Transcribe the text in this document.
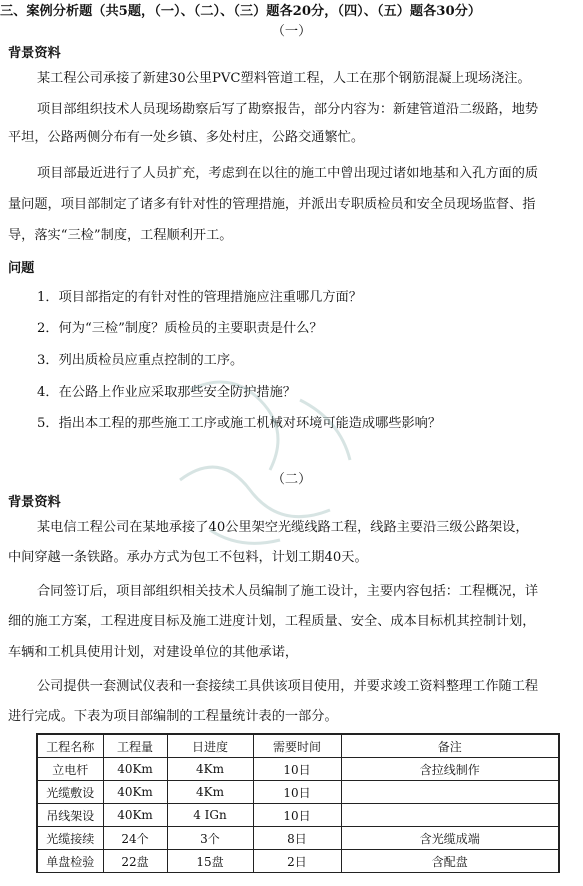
三、案例分析题（共5题，（一）、（二）、（三）题各20分，（四）、（五）题各30分）
（一）
背景资料
某工程公司承接了新建30公里PVC塑料管道工程，人工在那个钢筋混凝上现场浇注。
项目部组织技术人员现场勘察后写了勘察报告，部分内容为：新建管道沿二级路，地势
平坦，公路两侧分布有一处乡镇、多处村庄，公路交通繁忙。
项目部最近进行了人员扩充，考虑到在以往的施工中曾出现过诸如地基和入孔方面的质
量问题，项目部制定了诸多有针对性的管理措施，并派出专职质检员和安全员现场监督、指
导，落实“三检”制度，工程顺利开工。
问题
1．项目部指定的有针对性的管理措施应注重哪几方面？
2．何为“三检”制度？质检员的主要职责是什么？
3．列出质检员应重点控制的工序。
4．在公路上作业应采取那些安全防护措施？
5．指出本工程的那些施工工序或施工机械对环境可能造成哪些影响？
（二）
背景资料
某电信工程公司在某地承接了40公里架空光缆线路工程，线路主要沿三级公路架设，
中间穿越一条铁路。承办方式为包工不包料，计划工期40天。
合同签订后，项目部组织相关技术人员编制了施工设计，主要内容包括：工程概况，详
细的施工方案，工程进度目标及施工进度计划，工程质量、安全、成本目标机其控制计划，
车辆和工机具使用计划，对建设单位的其他承诺，
公司提供一套测试仪表和一套接续工具供该项目使用，并要求竣工资料整理工作随工程
进行完成。下表为项目部编制的工程量统计表的一部分。
工程名称	工程量	日进度	需要时间	备注
立电杆	40Km	4Km	10日	含拉线制作
光缆敷设	40Km	4Km	10日	
吊线架设	40Km	4 IGn	10日	
光缆接续	24个	3个	8日	含光缆成端
单盘检验	22盘	15盘	2日	含配盘
